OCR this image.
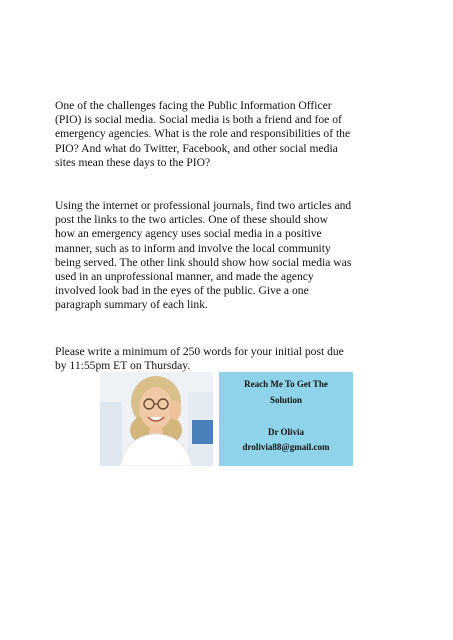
One of the challenges facing the Public Information Officer
(PIO) is social media. Social media is both a friend and foe of
emergency agencies. What is the role and responsibilities of the
PIO? And what do Twitter, Facebook, and other social media
sites mean these days to the PIO?

Using the internet or professional journals, find two articles and
post the links to the two articles. One of these should show
how an emergency agency uses social media in a positive
manner, such as to inform and involve the local community
being served. The other link should show how social media was
used in an unprofessional manner, and made the agency
involved look bad in the eyes of the public. Give a one
paragraph summary of each link.

Please write a minimum of 250 words for your initial post due
by 11:55pm ET on Thursday.

Reach Me To Get The
Solution
Dr Olivia
drolivia88@gmail.com
